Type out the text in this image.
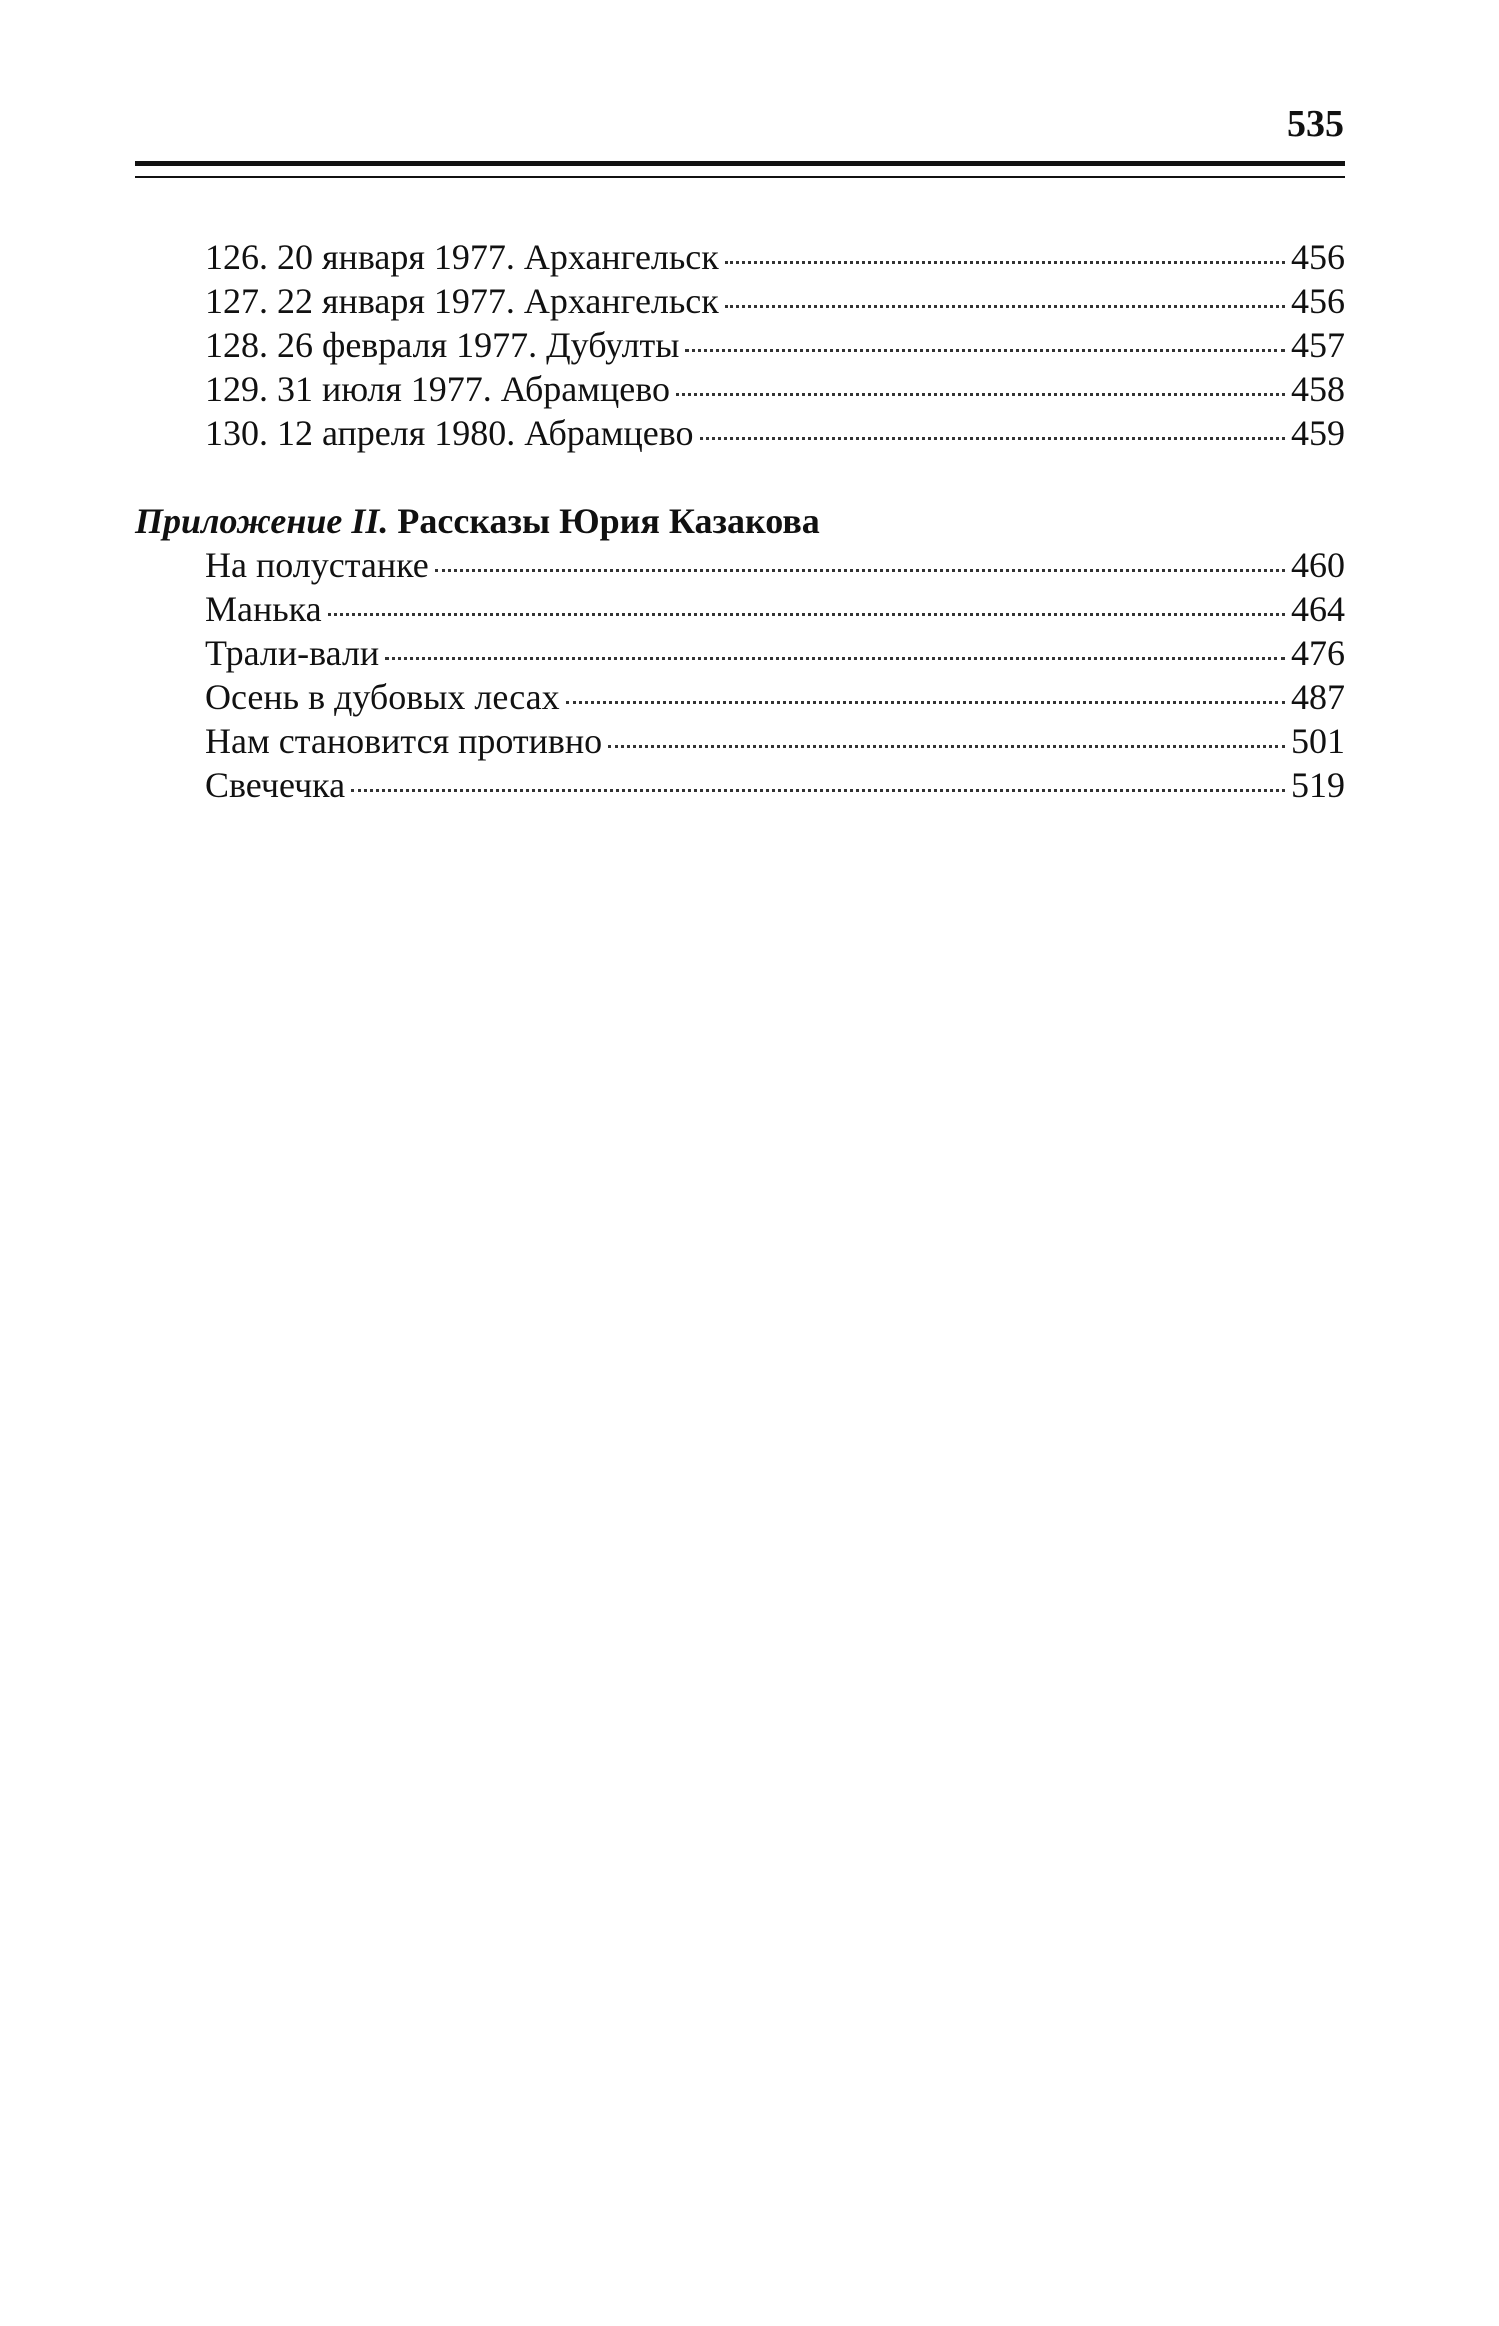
535
126. 20 января 1977. Архангельск	456
127. 22 января 1977. Архангельск	456
128. 26 февраля 1977. Дубулты	457
129. 31 июля 1977. Абрамцево	458
130. 12 апреля 1980. Абрамцево	459
Приложение II. Рассказы Юрия Казакова
На полустанке	460
Манька	464
Трали-вали	476
Осень в дубовых лесах	487
Нам становится противно	501
Свечечка	519
